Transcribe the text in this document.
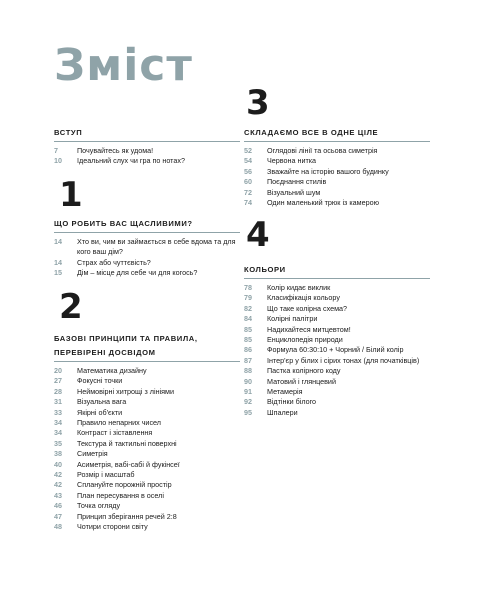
Зміст
ВСТУП
7	Почувайтесь як удома!
10	Ідеальний слух чи гра по нотах?
1
ЩО РОБИТЬ ВАС ЩАСЛИВИМИ?
14	Хто ви, чим ви займається в себе вдома та для кого ваш дім?
14	Страх або чуттєвість?
15	Дім – місце для себе чи для когось?
2
БАЗОВІ ПРИНЦИПИ ТА ПРАВИЛА, ПЕРЕВІРЕНІ ДОСВІДОМ
20	Математика дизайну
27	Фокусні точки
28	Неймовірні хитрощі з лініями
31	Візуальна вага
33	Якірні об'єкти
34	Правило непарних чисел
34	Контраст і зіставлення
35	Текстура й тактильні поверхні
38	Симетрія
40	Асиметрія, вабі-сабі й фукінсеї
42	Розмір і масштаб
42	Сплануйте порожній простір
43	План пересування в оселі
46	Точка огляду
47	Принцип зберігання речей 2:8
48	Чотири сторони світу
3
СКЛАДАЄМО ВСЕ В ОДНЕ ЦІЛЕ
52	Оглядові лінії та осьова симетрія
54	Червона нитка
56	Зважайте на історію вашого будинку
60	Поєднання стилів
72	Візуальний шум
74	Один маленький трюк із камерою
4
КОЛЬОРИ
78	Колір кидає виклик
79	Класифікація кольору
82	Що таке колірна схема?
84	Колірні палітри
85	Надихайтеся митцевтом!
85	Енциклопедія природи
86	Формула 60:30:10 + Чорний / Білий колір
87	Інтер'єр у білих і сірих тонах (для початківців)
88	Пастка колірного коду
90	Матовий і глянцевий
91	Метамерія
92	Відтінки білого
95	Шпалери
